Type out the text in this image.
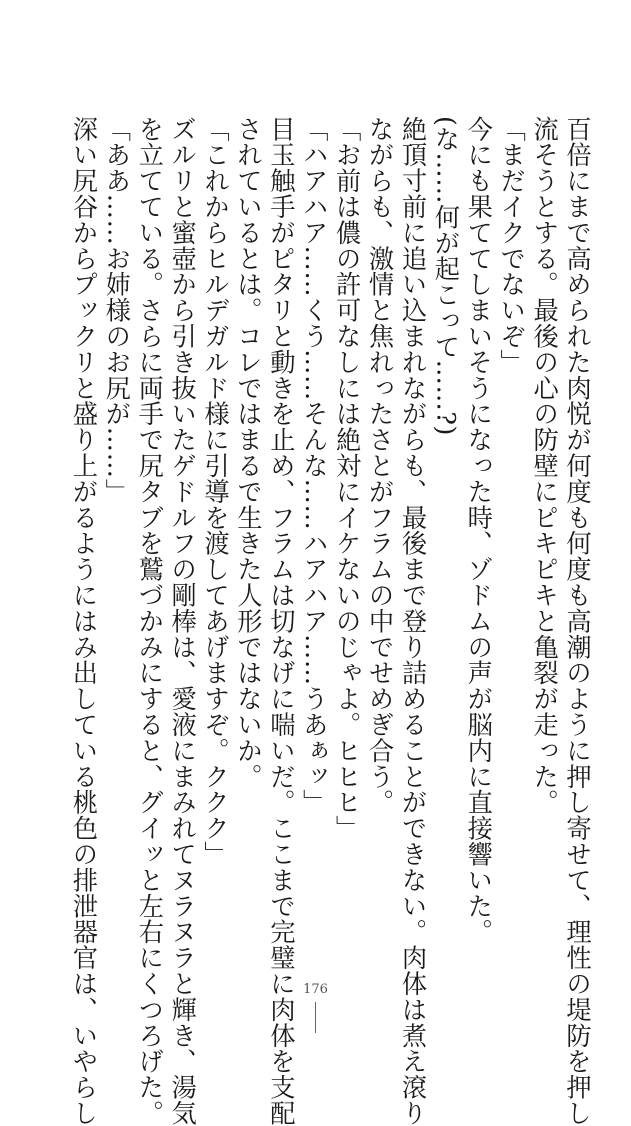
百倍にまで高められた肉悦が何度も何度も高潮のように押し寄せて、理性の堤防を押し
流そうとする。最後の心の防壁にピキピキと亀裂が走った。
「まだイクでないぞ」
今にも果ててしまいそうになった時、ゾドムの声が脳内に直接響いた。
(な……何が起こって……?)
絶頂寸前に追い込まれながらも、最後まで登り詰めることができない。肉体は煮え滾り
ながらも、激情と焦れったさとがフラムの中でせめぎ合う。
「お前は儂の許可なしには絶対にイケないのじゃよ。ヒヒヒ」
「ハアハア……くう……そんな……ハアハア……うあぁッ」
目玉触手がピタリと動きを止め、フラムは切なげに喘いだ。ここまで完璧に肉体を支配
されているとは。コレではまるで生きた人形ではないか。
「これからヒルデガルド様に引導を渡してあげますぞ。ククク」
ズルリと蜜壺から引き抜いたゲドルフの剛棒は、愛液にまみれてヌラヌラと輝き、湯気
を立てている。さらに両手で尻タブを鷲づかみにすると、グイッと左右にくつろげた。
「ああ……お姉様のお尻が……」
深い尻谷からプックリと盛り上がるようにはみ出している桃色の排泄器官は、いやらし	176
